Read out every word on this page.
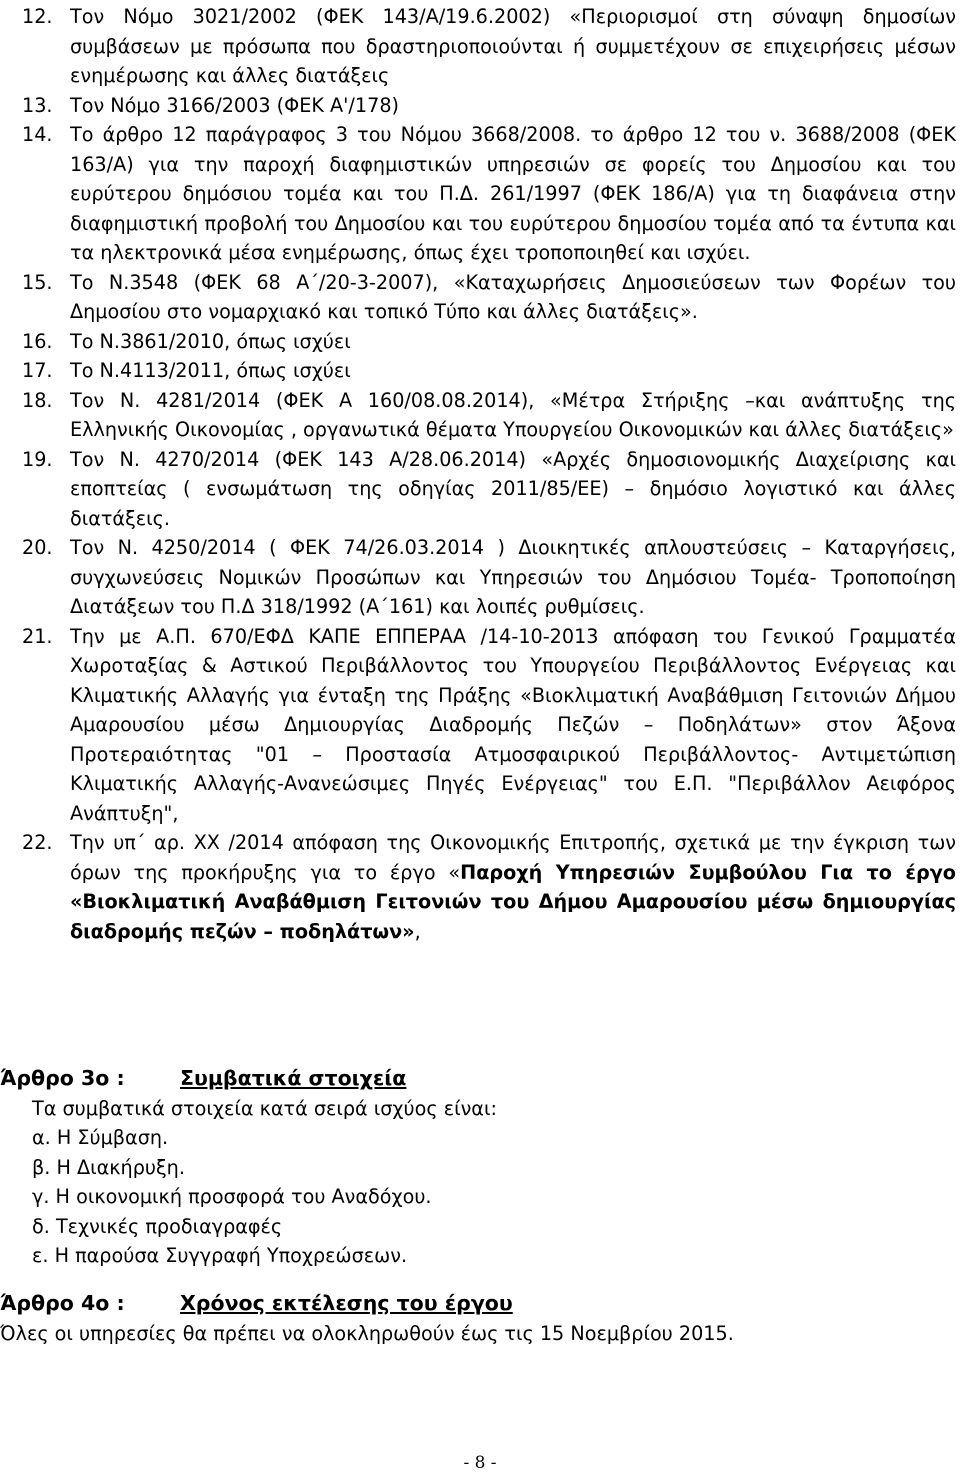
12. Τον Νόμο 3021/2002 (ΦΕΚ 143/Α/19.6.2002) «Περιορισμοί στη σύναψη δημοσίων συμβάσεων με πρόσωπα που δραστηριοποιούνται ή συμμετέχουν σε επιχειρήσεις μέσων ενημέρωσης και άλλες διατάξεις
13. Τον Νόμο 3166/2003 (ΦΕΚ Α'/178)
14. Το άρθρο 12 παράγραφος 3 του Νόμου 3668/2008. το άρθρο 12 του ν. 3688/2008 (ΦΕΚ 163/Α) για την παροχή διαφημιστικών υπηρεσιών σε φορείς του Δημοσίου και του ευρύτερου δημόσιου τομέα και του Π.Δ. 261/1997 (ΦΕΚ 186/Α) για τη διαφάνεια στην διαφημιστική προβολή του Δημοσίου και του ευρύτερου δημοσίου τομέα από τα έντυπα και τα ηλεκτρονικά μέσα ενημέρωσης, όπως έχει τροποποιηθεί και ισχύει.
15. Το Ν.3548 (ΦΕΚ 68 Α΄/20-3-2007), «Καταχωρήσεις Δημοσιεύσεων των Φορέων του Δημοσίου στο νομαρχιακό και τοπικό Τύπο και άλλες διατάξεις».
16. Το Ν.3861/2010, όπως ισχύει
17. Το Ν.4113/2011, όπως ισχύει
18. Τον Ν. 4281/2014 (ΦΕΚ Α 160/08.08.2014), «Μέτρα Στήριξης –και ανάπτυξης της Ελληνικής Οικονομίας , οργανωτικά θέματα Υπουργείου Οικονομικών και άλλες διατάξεις»
19. Τον Ν. 4270/2014 (ΦΕΚ 143 Α/28.06.2014) «Αρχές δημοσιονομικής Διαχείρισης και εποπτείας ( ενσωμάτωση της οδηγίας 2011/85/ΕΕ) – δημόσιο λογιστικό και άλλες διατάξεις.
20. Τον Ν. 4250/2014 ( ΦΕΚ 74/26.03.2014 ) Διοικητικές απλουστεύσεις – Καταργήσεις, συγχωνεύσεις Νομικών Προσώπων και Υπηρεσιών του Δημόσιου Τομέα- Τροποποίηση Διατάξεων του Π.Δ 318/1992 (Α΄161) και λοιπές ρυθμίσεις.
21. Την με Α.Π. 670/ΕΦΔ ΚΑΠΕ ΕΠΠΕΡΑΑ /14-10-2013 απόφαση του Γενικού Γραμματέα Χωροταξίας & Αστικού Περιβάλλοντος του Υπουργείου Περιβάλλοντος Ενέργειας και Κλιματικής Αλλαγής για ένταξη της Πράξης «Βιοκλιματική Αναβάθμιση Γειτονιών Δήμου Αμαρουσίου μέσω Δημιουργίας Διαδρομής Πεζών – Ποδηλάτων» στον Άξονα Προτεραιότητας "01 – Προστασία Ατμοσφαιρικού Περιβάλλοντος- Αντιμετώπιση Κλιματικής Αλλαγής-Ανανεώσιμες Πηγές Ενέργειας" του Ε.Π. "Περιβάλλον Αειφόρος Ανάπτυξη",
22. Την υπ΄ αρ. ΧΧ /2014 απόφαση της Οικονομικής Επιτροπής, σχετικά με την έγκριση των όρων της προκήρυξης για το έργο «Παροχή Υπηρεσιών Συμβούλου Για το έργο «Βιοκλιματική Αναβάθμιση Γειτονιών του Δήμου Αμαρουσίου μέσω δημιουργίας διαδρομής πεζών – ποδηλάτων»,
Άρθρο 3ο :	Συμβατικά στοιχεία
Τα συμβατικά στοιχεία κατά σειρά ισχύος είναι:
α. Η Σύμβαση.
β. Η Διακήρυξη.
γ. Η οικονομική προσφορά του Αναδόχου.
δ. Τεχνικές προδιαγραφές
ε. Η παρούσα Συγγραφή Υποχρεώσεων.
Άρθρο 4ο :	Χρόνος εκτέλεσης του έργου
Όλες οι υπηρεσίες θα πρέπει να ολοκληρωθούν έως τις 15 Νοεμβρίου 2015.
- 8 -
